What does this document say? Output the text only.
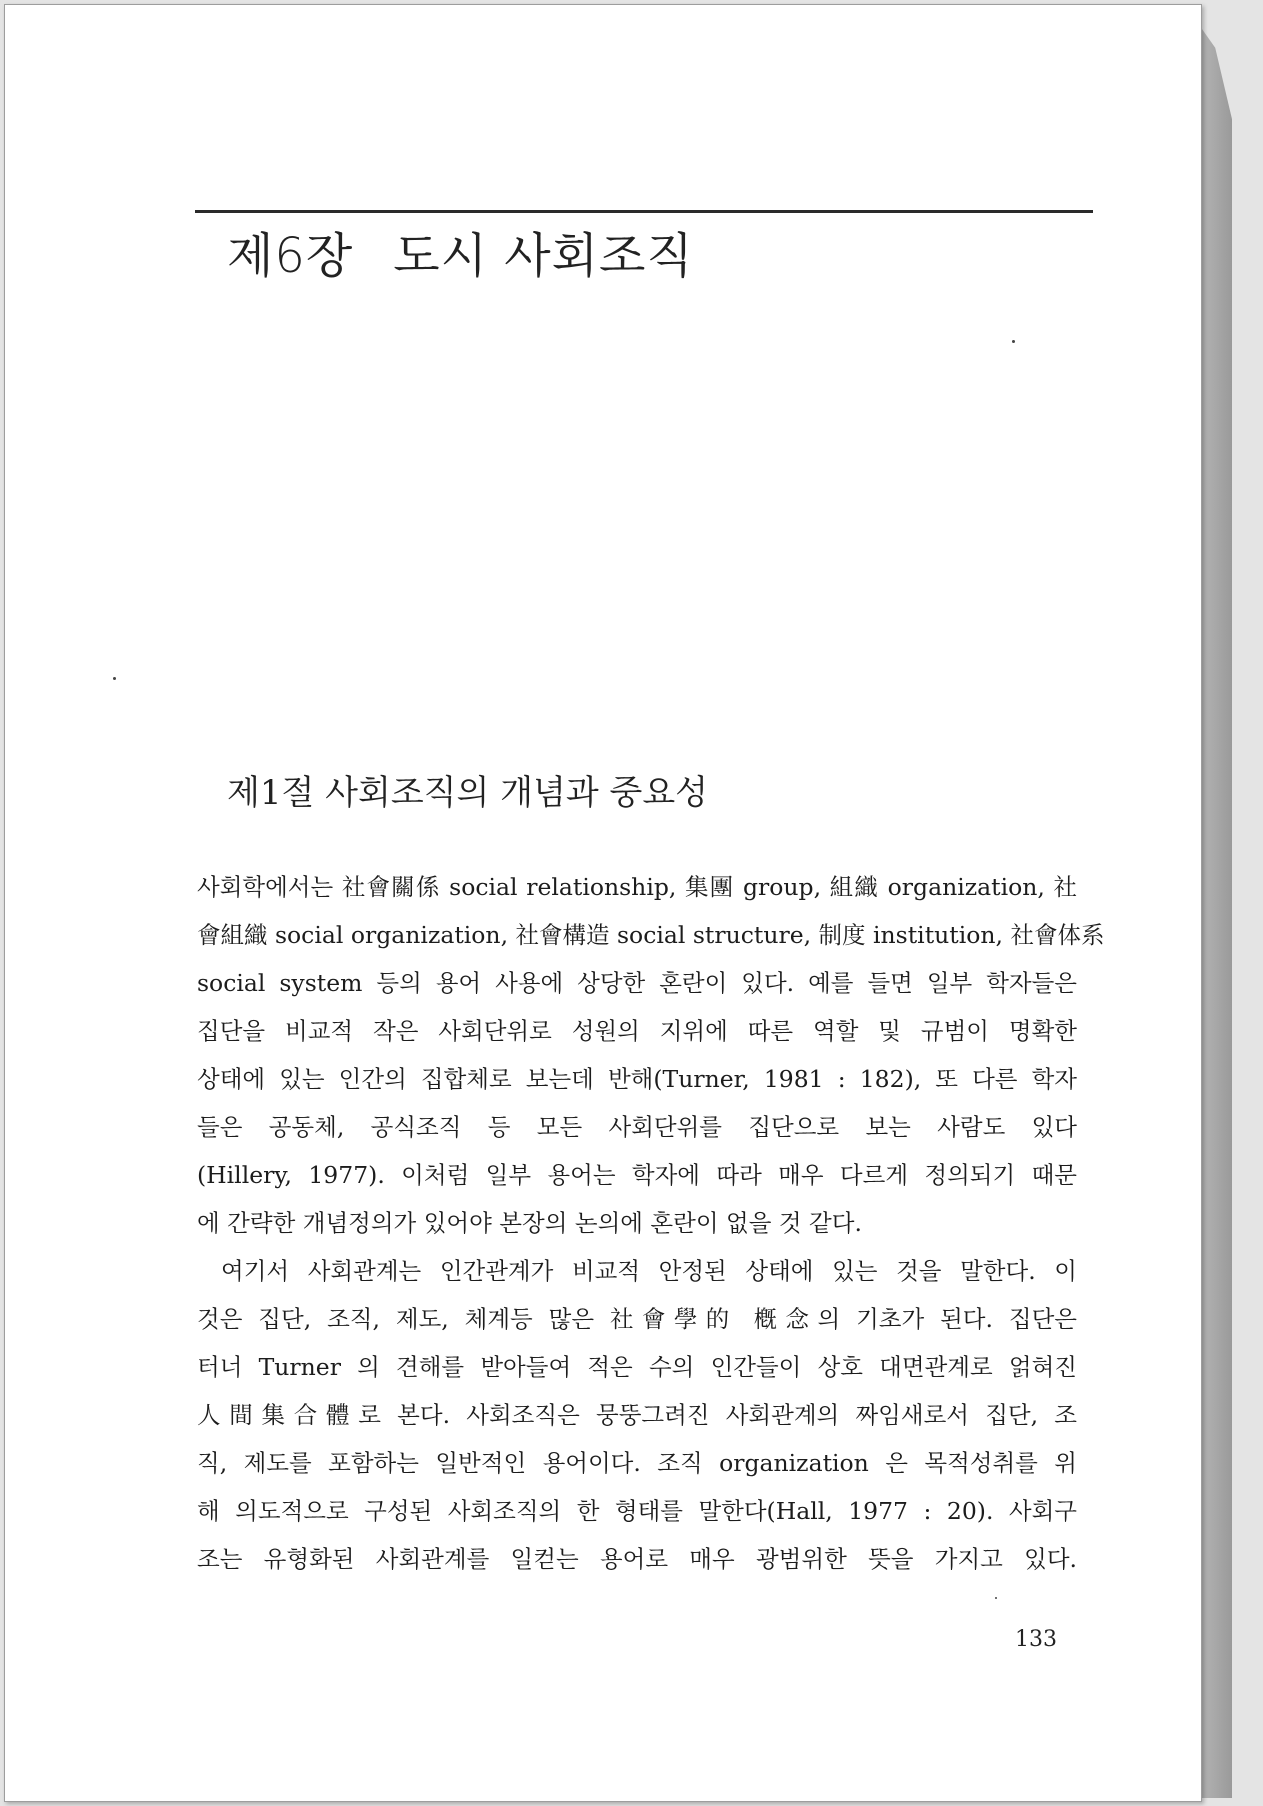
제6장 도시 사회조직
제1절 사회조직의 개념과 중요성
사회학에서는 社會關係 social relationship, 集團 group, 組織 organization, 社
會組織 social organization, 社會構造 social structure, 制度 institution, 社會体系
social system 등의 용어 사용에 상당한 혼란이 있다. 예를 들면 일부 학자들은
집단을 비교적 작은 사회단위로 성원의 지위에 따른 역할 및 규범이 명확한
상태에 있는 인간의 집합체로 보는데 반해(Turner, 1981 : 182), 또 다른 학자
들은 공동체, 공식조직 등 모든 사회단위를 집단으로 보는 사람도 있다
(Hillery, 1977). 이처럼 일부 용어는 학자에 따라 매우 다르게 정의되기 때문
에 간략한 개념정의가 있어야 본장의 논의에 혼란이 없을 것 같다.
여기서 사회관계는 인간관계가 비교적 안정된 상태에 있는 것을 말한다. 이
것은 집단, 조직, 제도, 체계등 많은 社會學的 槪念의 기초가 된다. 집단은
터너 Turner 의 견해를 받아들여 적은 수의 인간들이 상호 대면관계로 얽혀진
人間集合體로 본다. 사회조직은 뭉뚱그려진 사회관계의 짜임새로서 집단, 조
직, 제도를 포함하는 일반적인 용어이다. 조직 organization 은 목적성취를 위
해 의도적으로 구성된 사회조직의 한 형태를 말한다(Hall, 1977 : 20). 사회구
조는 유형화된 사회관계를 일컫는 용어로 매우 광범위한 뜻을 가지고 있다.
133
